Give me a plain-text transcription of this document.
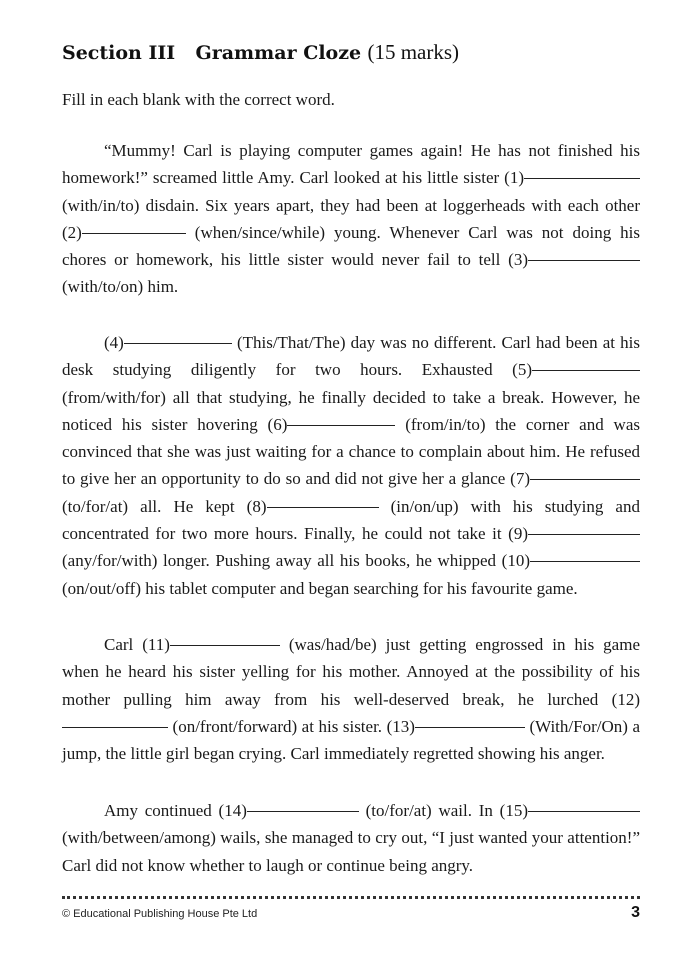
Section III Grammar Cloze (15 marks)
Fill in each blank with the correct word.

“Mummy! Carl is playing computer games again! He has not finished his homework!” screamed little Amy. Carl looked at his little sister (1) (with/in/to) disdain. Six years apart, they had been at loggerheads with each other (2)	(when/since/while) young. Whenever Carl was not doing his chores or homework, his little sister would never fail to tell (3) (with/to/on) him.

(4)	(This/That/The) day was no different. Carl had been at his desk studying diligently for two hours. Exhausted (5) (from/with/for) all that studying, he finally decided to take a break. However, he noticed his sister hovering (6)	(from/in/to) the corner and was convinced that she was just waiting for a chance to complain about him. He refused to give her an opportunity to do so and did not give her a glance (7) (to/for/at) all. He kept (8)	(in/on/up) with his studying and concentrated for two more hours. Finally, he could not take it (9) (any/for/with) longer. Pushing away all his books, he whipped (10) (on/out/off) his tablet computer and began searching for his favourite game.

Carl (11)	(was/had/be) just getting engrossed in his game when he heard his sister yelling for his mother. Annoyed at the possibility of his mother pulling him away from his well-deserved break, he lurched (12) (on/front/forward) at his sister. (13)	(With/For/On) a jump, the little girl began crying. Carl immediately regretted showing his anger.

Amy continued (14)	(to/for/at) wail. In (15) (with/between/among) wails, she managed to cry out, “I just wanted your attention!” Carl did not know whether to laugh or continue being angry.

© Educational Publishing House Pte Ltd	3
